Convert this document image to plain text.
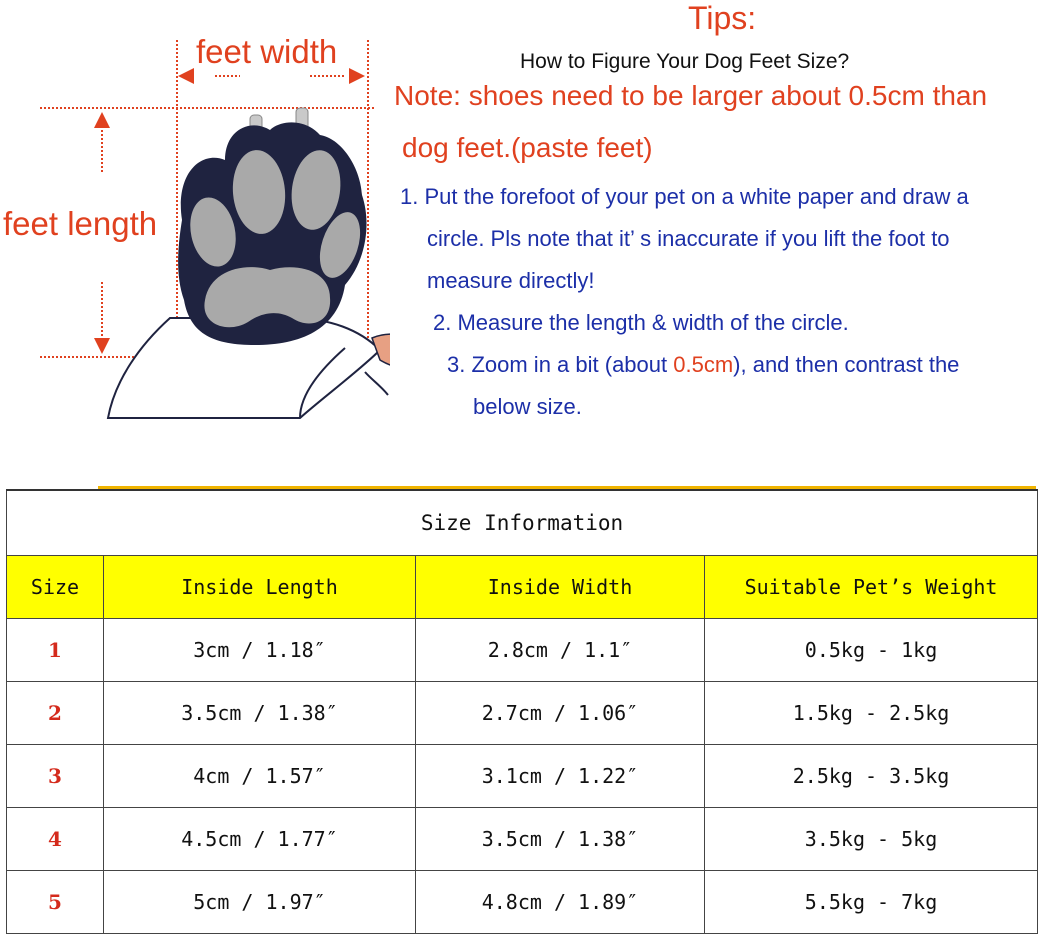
feet width
feet length
Tips:
How to Figure Your Dog Feet Size?
Note: shoes need to be larger about 0.5cm than
dog feet.(paste feet)
1. Put the forefoot of your pet on a white paper and draw a
circle. Pls note that it’ s inaccurate if you lift the foot to
measure directly!
2. Measure the length & width of the circle.
3. Zoom in a bit (about 0.5cm), and then contrast the
below size.
Size Information			
Size	Inside Length	Inside Width	Suitable Pet’s Weight
1	3cm / 1.18″	2.8cm / 1.1″	0.5kg - 1kg
2	3.5cm / 1.38″	2.7cm / 1.06″	1.5kg - 2.5kg
3	4cm / 1.57″	3.1cm / 1.22″	2.5kg - 3.5kg
4	4.5cm / 1.77″	3.5cm / 1.38″	3.5kg - 5kg
5	5cm / 1.97″	4.8cm / 1.89″	5.5kg - 7kg
